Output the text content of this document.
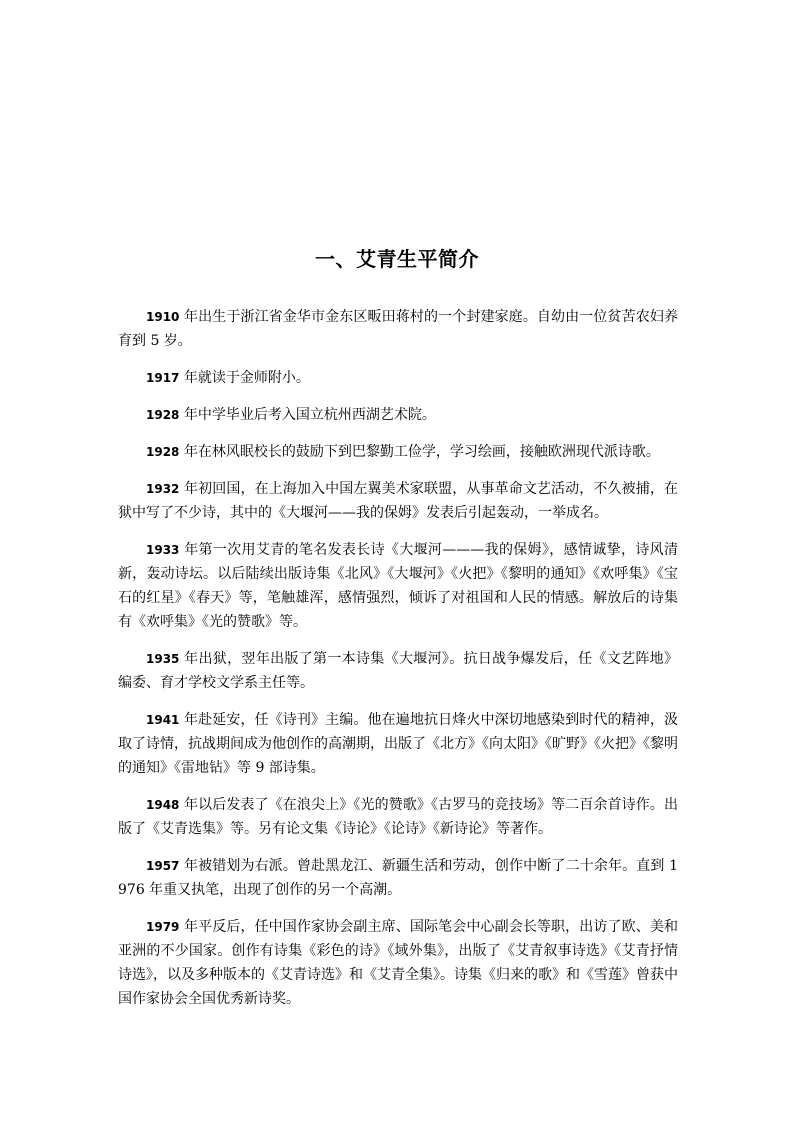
一、艾青生平简介

1910 年出生于浙江省金华市金东区畈田蒋村的一个封建家庭。自幼由一位贫苦农妇养育到 5 岁。

1917 年就读于金师附小。

1928 年中学毕业后考入国立杭州西湖艺术院。

1928 年在林风眠校长的鼓励下到巴黎勤工俭学，学习绘画，接触欧洲现代派诗歌。

1932 年初回国，在上海加入中国左翼美术家联盟，从事革命文艺活动，不久被捕，在狱中写了不少诗，其中的《大堰河——我的保姆》发表后引起轰动，一举成名。

1933 年第一次用艾青的笔名发表长诗《大堰河———我的保姆》，感情诚挚，诗风清新，轰动诗坛。以后陆续出版诗集《北风》《大堰河》《火把》《黎明的通知》《欢呼集》《宝石的红星》《春天》等，笔触雄浑，感情强烈，倾诉了对祖国和人民的情感。解放后的诗集有《欢呼集》《光的赞歌》等。

1935 年出狱，翌年出版了第一本诗集《大堰河》。抗日战争爆发后，任《文艺阵地》编委、育才学校文学系主任等。

1941 年赴延安，任《诗刊》主编。他在遍地抗日烽火中深切地感染到时代的精神，汲取了诗情，抗战期间成为他创作的高潮期，出版了《北方》《向太阳》《旷野》《火把》《黎明的通知》《雷地钻》等 9 部诗集。

1948 年以后发表了《在浪尖上》《光的赞歌》《古罗马的竞技场》等二百余首诗作。出版了《艾青选集》等。另有论文集《诗论》《论诗》《新诗论》等著作。

1957 年被错划为右派。曾赴黑龙江、新疆生活和劳动，创作中断了二十余年。直到 1976 年重又执笔，出现了创作的另一个高潮。

1979 年平反后，任中国作家协会副主席、国际笔会中心副会长等职，出访了欧、美和亚洲的不少国家。创作有诗集《彩色的诗》《域外集》，出版了《艾青叙事诗选》《艾青抒情诗选》，以及多种版本的《艾青诗选》和《艾青全集》。诗集《归来的歌》和《雪莲》曾获中国作家协会全国优秀新诗奖。
